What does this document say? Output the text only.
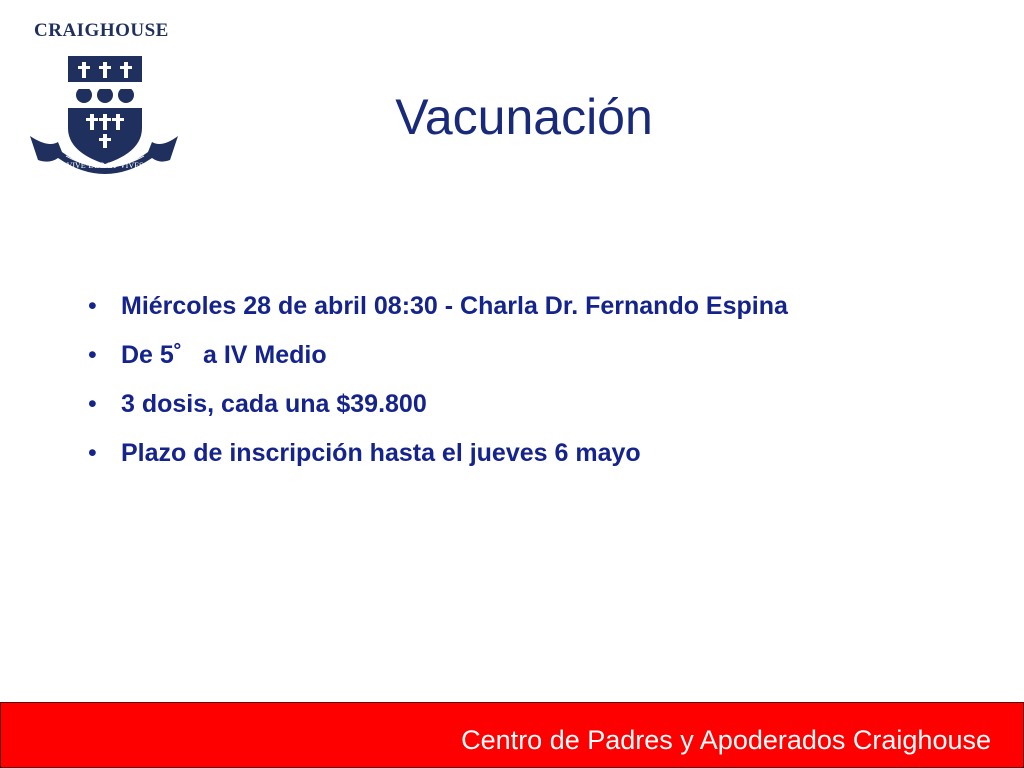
CRAIGHOUSE
VIVE·DEO·ET·VIVES
Vacunación
• Miércoles 28 de abril 08:30 - Charla Dr. Fernando Espina
• De 5˚   a IV Medio
• 3 dosis, cada una $39.800
• Plazo de inscripción hasta el jueves 6 mayo
Centro de Padres y Apoderados Craighouse
